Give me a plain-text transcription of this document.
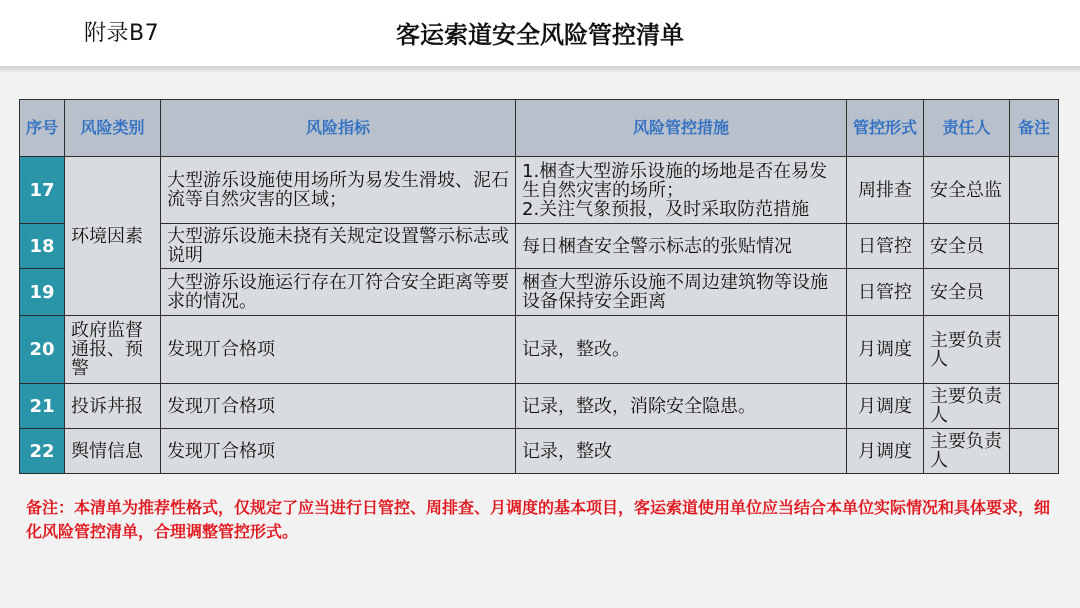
附录B7	客运索道安全风险管控清单
序号	风险类别	风险指标	风险管控措施	管控形式	责任人	备注
17	环境因素	大型游乐设施使用场所为易发生滑坡、泥石流等自然灾害的区域；	1.梱查大型游乐设施的场地是否在易发生自然灾害的场所；
2.关注气象预报，及时采取防范措施	周排查	安全总监	
18		大型游乐设施未挠有关规定设置警示标志或说明	每日梱查安全警示标志的张贴情况	日管控	安全员	
19		大型游乐设施运行存在丌符合安全距离等要求的情况。	梱查大型游乐设施不周边建筑物等设施设备保持安全距离	日管控	安全员	
20	政府监督通报、预警	发现丌合格项	记录，整改。	月调度	主要负责人	
21	投诉丼报	发现丌合格项	记录，整改，消除安全隐患。	月调度	主要负责人	
22	舆情信息	发现丌合格项	记录，整改	月调度	主要负责人	
备注：本清单为推荐性格式，仅规定了应当进行日管控、周排查、月调度的基本项目，客运索道使用单位应当结合本单位实际情况和具体要求，细化风险管控清单，合理调整管控形式。
